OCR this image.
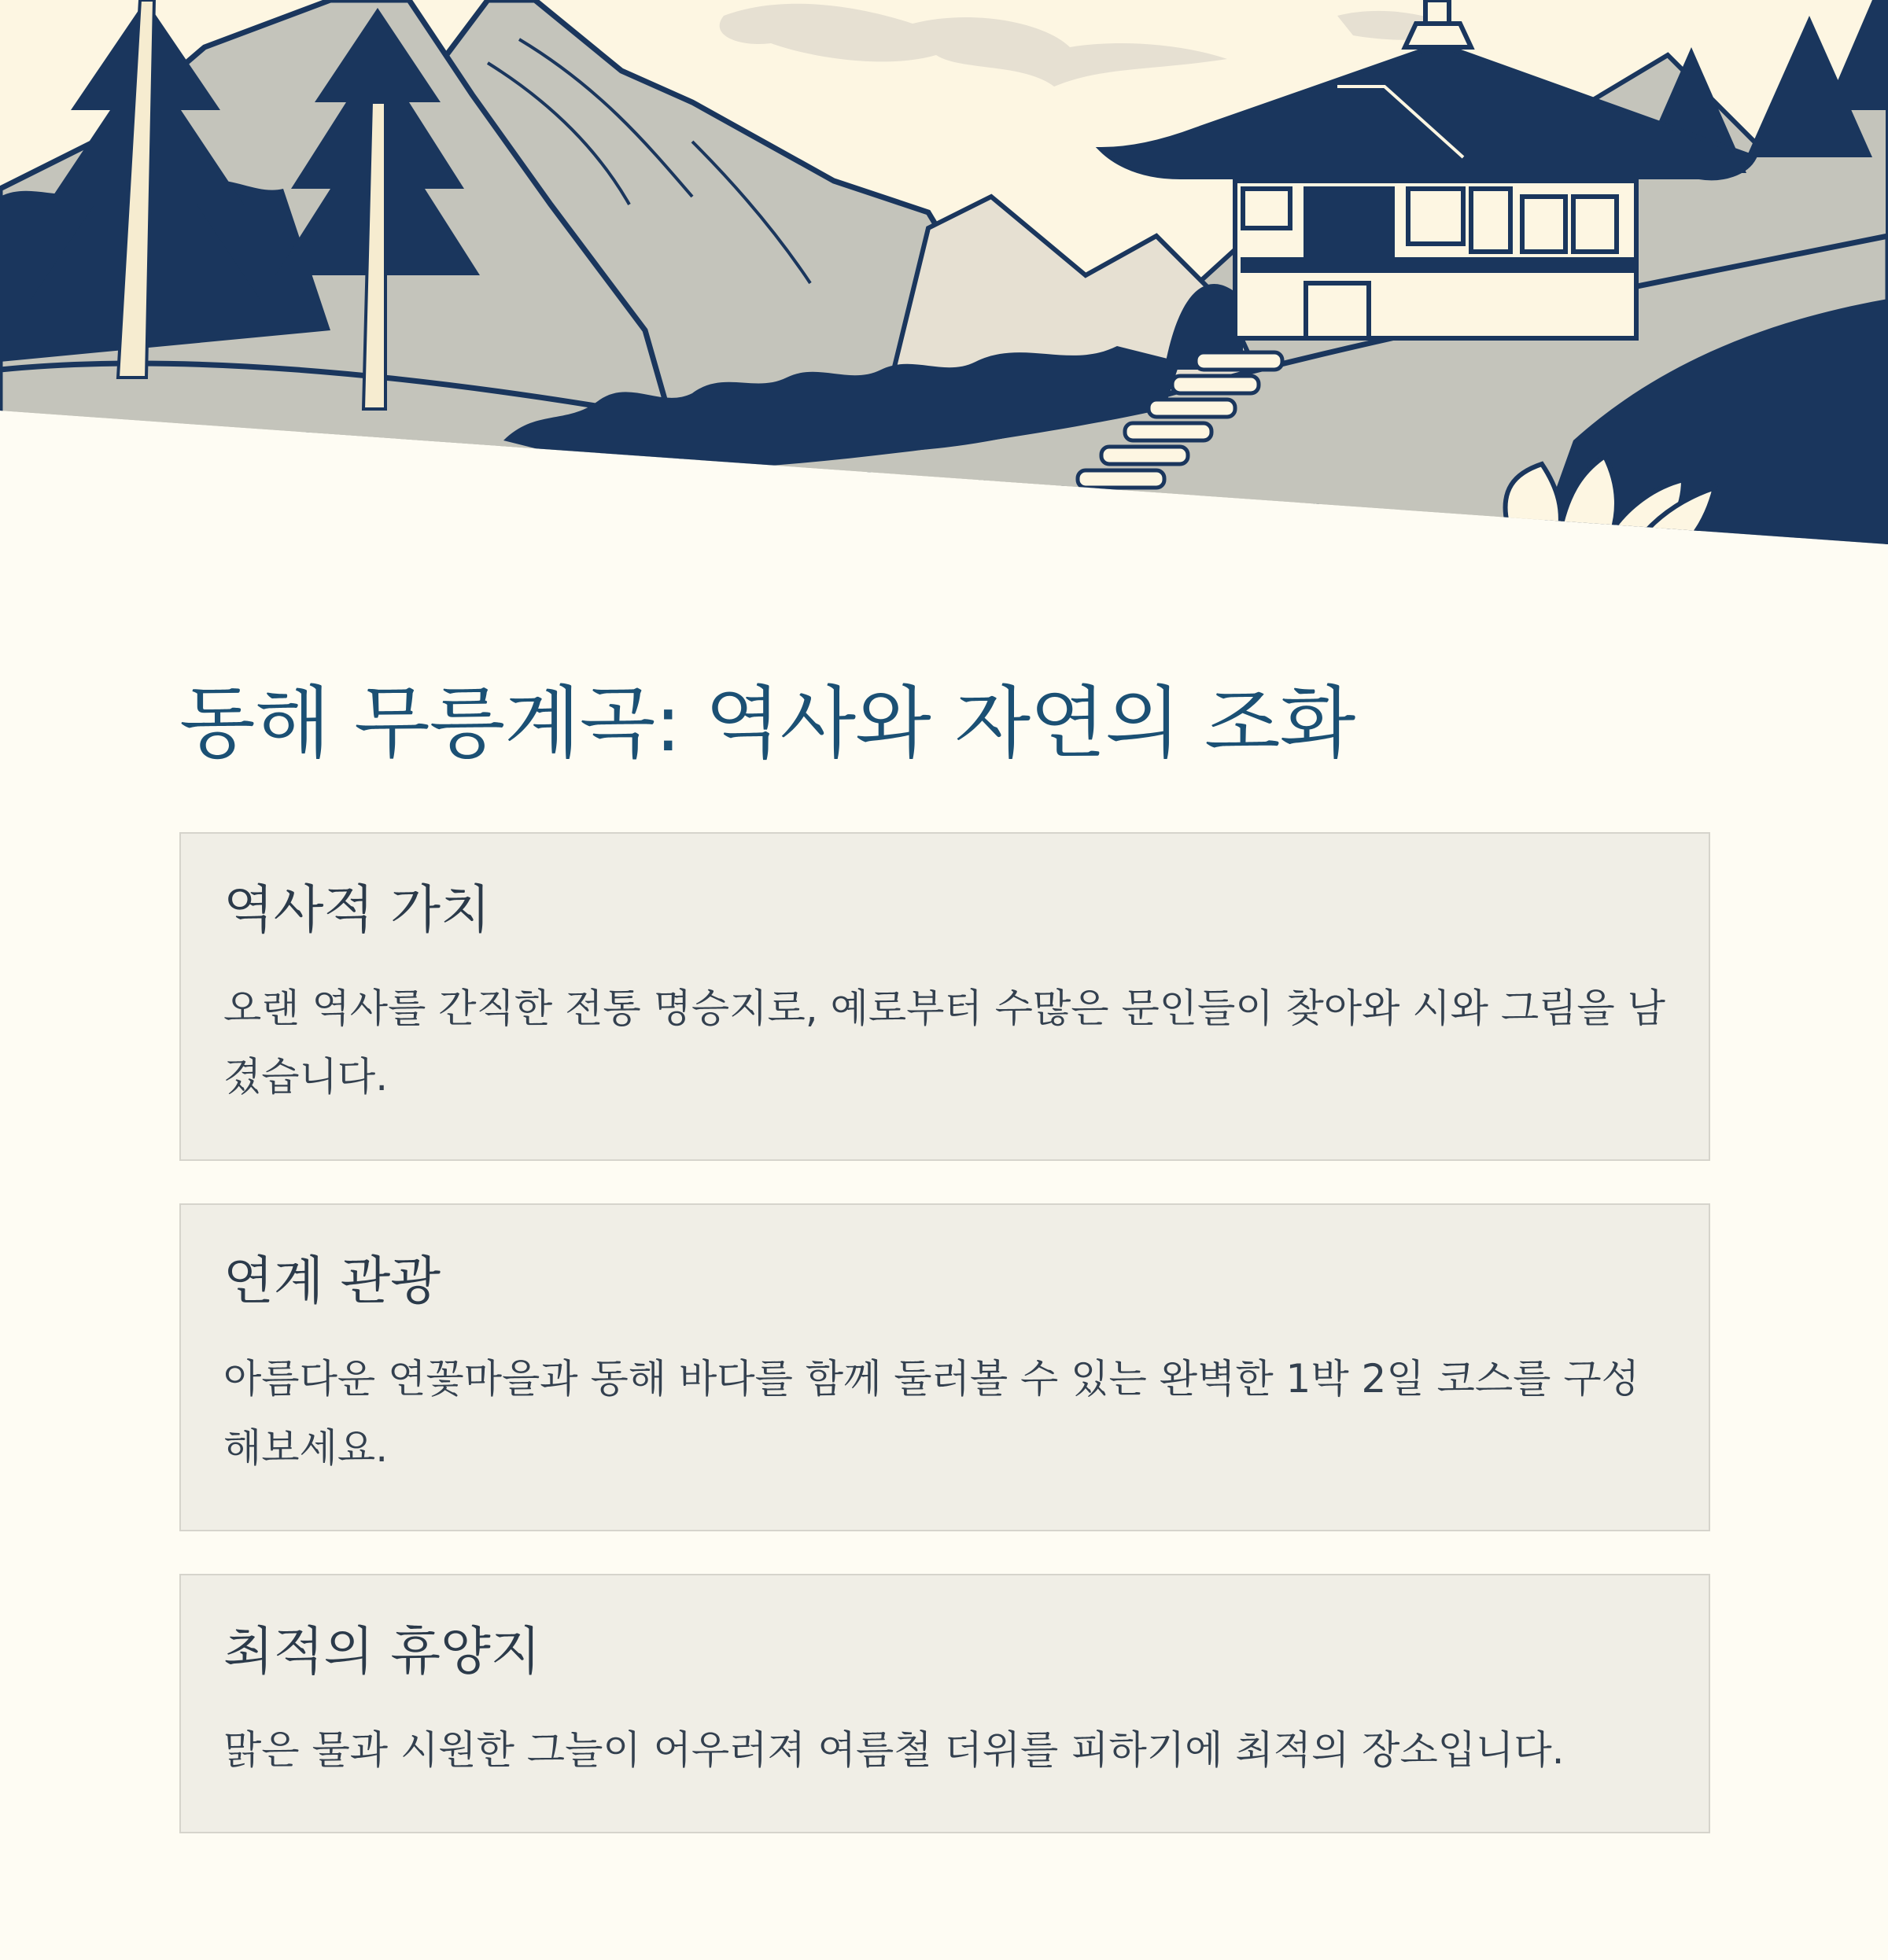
동해 무릉계곡: 역사와 자연의 조화
역사적 가치

오랜 역사를 간직한 전통 명승지로, 예로부터 수많은 문인들이 찾아와 시와 그림을 남겼습니다.

연계 관광

아름다운 연꽃마을과 동해 바다를 함께 둘러볼 수 있는 완벽한 1박 2일 코스를 구성해보세요.

최적의 휴양지

맑은 물과 시원한 그늘이 어우러져 여름철 더위를 피하기에 최적의 장소입니다.
